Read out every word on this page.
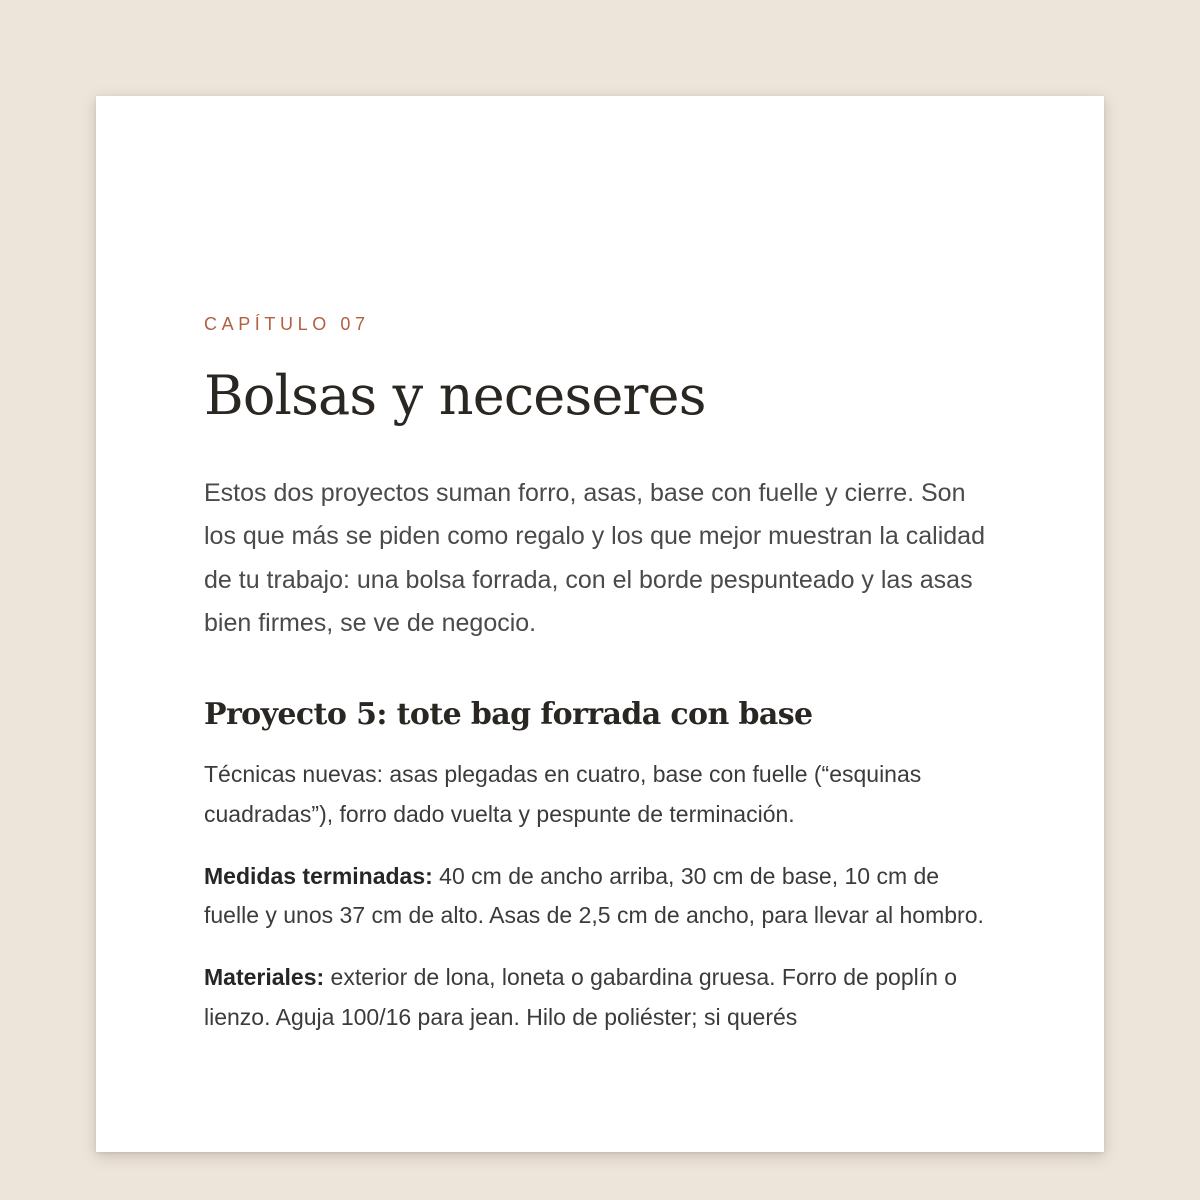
CAPÍTULO 07

Bolsas y neceseres

Estos dos proyectos suman forro, asas, base con fuelle y cierre. Son los que más se piden como regalo y los que mejor muestran la calidad de tu trabajo: una bolsa forrada, con el borde pespunteado y las asas bien firmes, se ve de negocio.

Proyecto 5: tote bag forrada con base

Técnicas nuevas: asas plegadas en cuatro, base con fuelle (“esquinas cuadradas”), forro dado vuelta y pespunte de terminación.

Medidas terminadas: 40 cm de ancho arriba, 30 cm de base, 10 cm de fuelle y unos 37 cm de alto. Asas de 2,5 cm de ancho, para llevar al hombro.

Materiales: exterior de lona, loneta o gabardina gruesa. Forro de poplín o lienzo. Aguja 100/16 para jean. Hilo de poliéster; si querés
